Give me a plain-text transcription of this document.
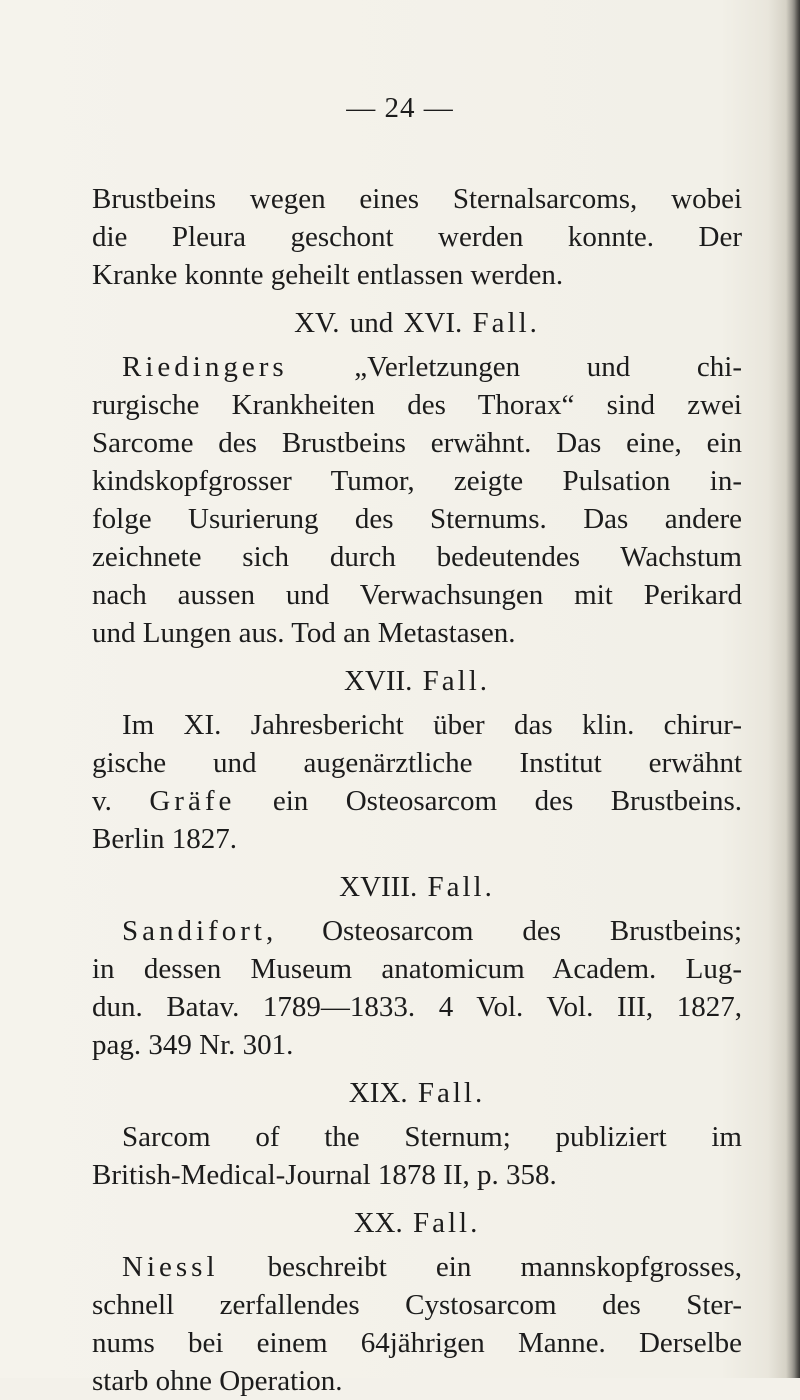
— 24 —
Brustbeins wegen eines Sternalsarcoms, wobei
die Pleura geschont werden konnte. Der
Kranke konnte geheilt entlassen werden.
XV. und XVI. Fall.
Riedingers „Verletzungen und chi-
rurgische Krankheiten des Thorax“ sind zwei
Sarcome des Brustbeins erwähnt. Das eine, ein
kindskopfgrosser Tumor, zeigte Pulsation in-
folge Usurierung des Sternums. Das andere
zeichnete sich durch bedeutendes Wachstum
nach aussen und Verwachsungen mit Perikard
und Lungen aus. Tod an Metastasen.
XVII. Fall.
Im XI. Jahresbericht über das klin. chirur-
gische und augenärztliche Institut erwähnt
v. Gräfe ein Osteosarcom des Brustbeins.
Berlin 1827.
XVIII. Fall.
Sandifort, Osteosarcom des Brustbeins;
in dessen Museum anatomicum Academ. Lug-
dun. Batav. 1789—1833. 4 Vol. Vol. III, 1827,
pag. 349 Nr. 301.
XIX. Fall.
Sarcom of the Sternum; publiziert im
British-Medical-Journal 1878 II, p. 358.
XX. Fall.
Niessl beschreibt ein mannskopfgrosses,
schnell zerfallendes Cystosarcom des Ster-
nums bei einem 64jährigen Manne. Derselbe
starb ohne Operation.
